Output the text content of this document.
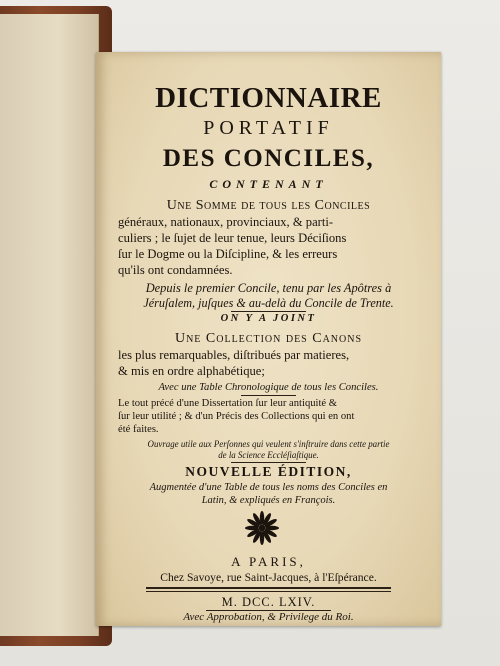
DICTIONNAIRE
PORTATIF
DES CONCILES,
CONTENANT
Une Somme de tous les Conciles
généraux, nationaux, provinciaux, & parti-
culiers ; le ſujet de leur tenue, leurs Déciſions
ſur le Dogme ou la Diſcipline, & les erreurs
qu'ils ont condamnées.
Depuis le premier Concile, tenu par les Apôtres à
Jéruſalem, juſques & au-delà du Concile de Trente.
ON Y A JOINT
Une Collection des Canons
les plus remarquables, diſtribués par matieres,
& mis en ordre alphabétique;
Avec une Table Chronologique de tous les Conciles.
Le tout précé d'une Dissertation ſur leur antiquité &
ſur leur utilité ; & d'un Précis des Collections qui en ont
été faites.
Ouvrage utile aux Perſonnes qui veulent s'inſtruire dans cette partie
de la Science Eccléſiaſtique.
NOUVELLE ÉDITION,
Augmentée d'une Table de tous les noms des Conciles en
Latin, & expliqués en François.
A PARIS,
Chez Savoye, rue Saint-Jacques, à l'Eſpérance.
M. DCC. LXIV.
Avec Approbation, & Privilege du Roi.
